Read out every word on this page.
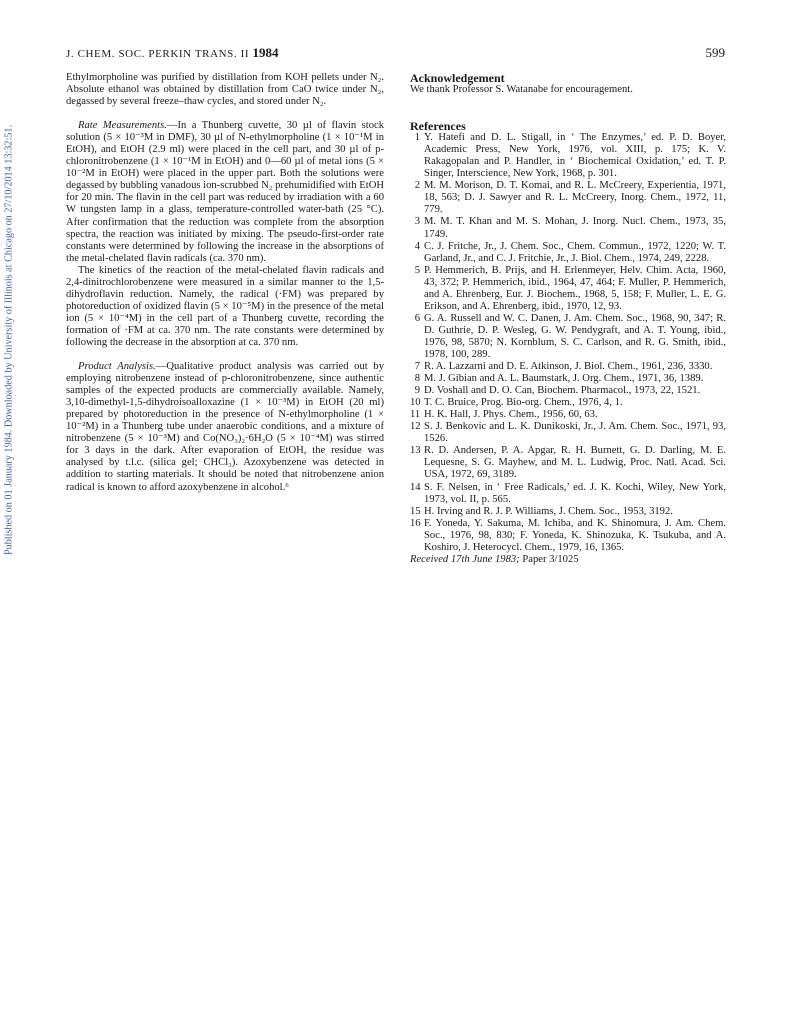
Published on 01 January 1984. Downloaded by University of Illinois at Chicago on 27/10/2014 13:32:51.
J. CHEM. SOC. PERKIN TRANS. II 1984	599

Ethylmorpholine was purified by distillation from KOH pellets under N₂. Absolute ethanol was obtained by distillation from CaO twice under N₂, degassed by several freeze–thaw cycles, and stored under N₂.

Rate Measurements.—In a Thunberg cuvette, 30 µl of flavin stock solution (5 × 10⁻³M in DMF), 30 µl of N-ethylmorpholine (1 × 10⁻¹M in EtOH), and EtOH (2.9 ml) were placed in the cell part, and 30 µl of p-chloronitrobenzene (1 × 10⁻¹M in EtOH) and 0—60 µl of metal ions (5 × 10⁻²M in EtOH) were placed in the upper part. Both the solutions were degassed by bubbling vanadous ion-scrubbed N₂ prehumidified with EtOH for 20 min. The flavin in the cell part was reduced by irradiation with a 60 W tungsten lamp in a glass, temperature-controlled water-bath (25 °C). After confirmation that the reduction was complete from the absorption spectra, the reaction was initiated by mixing. The pseudo-first-order rate constants were determined by following the increase in the absorptions of the metal-chelated flavin radicals (ca. 370 nm).

The kinetics of the reaction of the metal-chelated flavin radicals and 2,4-dinitrochlorobenzene were measured in a similar manner to the 1,5-dihydroflavin reduction. Namely, the radical (·FM) was prepared by photoreduction of oxidized flavin (5 × 10⁻⁵M) in the presence of the metal ion (5 × 10⁻⁴M) in the cell part of a Thunberg cuvette, recording the formation of ·FM at ca. 370 nm. The rate constants were determined by following the decrease in the absorption at ca. 370 nm.

Product Analysis.—Qualitative product analysis was carried out by employing nitrobenzene instead of p-chloronitrobenzene, since authentic samples of the expected products are commercially available. Namely, 3,10-dimethyl-1,5-dihydroisoalloxazine (1 × 10⁻³M) in EtOH (20 ml) prepared by photoreduction in the presence of N-ethylmorpholine (1 × 10⁻²M) in a Thunberg tube under anaerobic conditions, and a mixture of nitrobenzene (5 × 10⁻³M) and Co(NO₃)₂·6H₂O (5 × 10⁻⁴M) was stirred for 3 days in the dark. After evaporation of EtOH, the residue was analysed by t.l.c. (silica gel; CHCl₃). Azoxybenzene was detected in addition to starting materials. It should be noted that nitrobenzene anion radical is known to afford azoxybenzene in alcohol.⁶

Acknowledgement

We thank Professor S. Watanabe for encouragement.

References

1 Y. Hatefi and D. L. Stigall, in ‘ The Enzymes,’ ed. P. D. Boyer, Academic Press, New York, 1976, vol. XIII, p. 175; K. V. Rakagopalan and P. Handler, in ‘ Biochemical Oxidation,’ ed. T. P. Singer, Interscience, New York, 1968, p. 301.
2 M. M. Morison, D. T. Komai, and R. L. McCreery, Experientia, 1971, 18, 563; D. J. Sawyer and R. L. McCreery, Inorg. Chem., 1972, 11, 779.
3 M. M. T. Khan and M. S. Mohan, J. Inorg. Nucl. Chem., 1973, 35, 1749.
4 C. J. Fritche, Jr., J. Chem. Soc., Chem. Commun., 1972, 1220; W. T. Garland, Jr., and C. J. Fritchie, Jr., J. Biol. Chem., 1974, 249, 2228.
5 P. Hemmerich, B. Prijs, and H. Erlenmeyer, Helv. Chim. Acta, 1960, 43, 372; P. Hemmerich, ibid., 1964, 47, 464; F. Muller, P. Hemmerich, and A. Ehrenberg, Eur. J. Biochem., 1968, 5, 158; F. Muller, L. E. G. Erikson, and A. Ehrenberg, ibid., 1970, 12, 93.
6 G. A. Russell and W. C. Danen, J. Am. Chem. Soc., 1968, 90, 347; R. D. Guthrie, D. P. Wesleg, G. W. Pendygraft, and A. T. Young, ibid., 1976, 98, 5870; N. Kornblum, S. C. Carlson, and R. G. Smith, ibid., 1978, 100, 289.
7 R. A. Lazzarni and D. E. Atkinson, J. Biol. Chem., 1961, 236, 3330.
8 M. J. Gibian and A. L. Baumstark, J. Org. Chem., 1971, 36, 1389.
9 D. Voshall and D. O. Can, Biochem. Pharmacol., 1973, 22, 1521.
10 T. C. Bruice, Prog. Bio-org. Chem., 1976, 4, 1.
11 H. K. Hall, J. Phys. Chem., 1956, 60, 63.
12 S. J. Benkovic and L. K. Dunikoski, Jr., J. Am. Chem. Soc., 1971, 93, 1526.
13 R. D. Andersen, P. A. Apgar, R. H. Burnett, G. D. Darling, M. E. Lequesne, S. G. Mayhew, and M. L. Ludwig, Proc. Natl. Acad. Sci. USA, 1972, 69, 3189.
14 S. F. Nelsen, in ‘ Free Radicals,’ ed. J. K. Kochi, Wiley, New York, 1973, vol. II, p. 565.
15 H. Irving and R. J. P. Williams, J. Chem. Soc., 1953, 3192.
16 F. Yoneda, Y. Sakuma, M. Ichiba, and K. Shinomura, J. Am. Chem. Soc., 1976, 98, 830; F. Yoneda, K. Shinozuka, K. Tsukuba, and A. Koshiro, J. Heterocycl. Chem., 1979, 16, 1365.

Received 17th June 1983; Paper 3/1025
